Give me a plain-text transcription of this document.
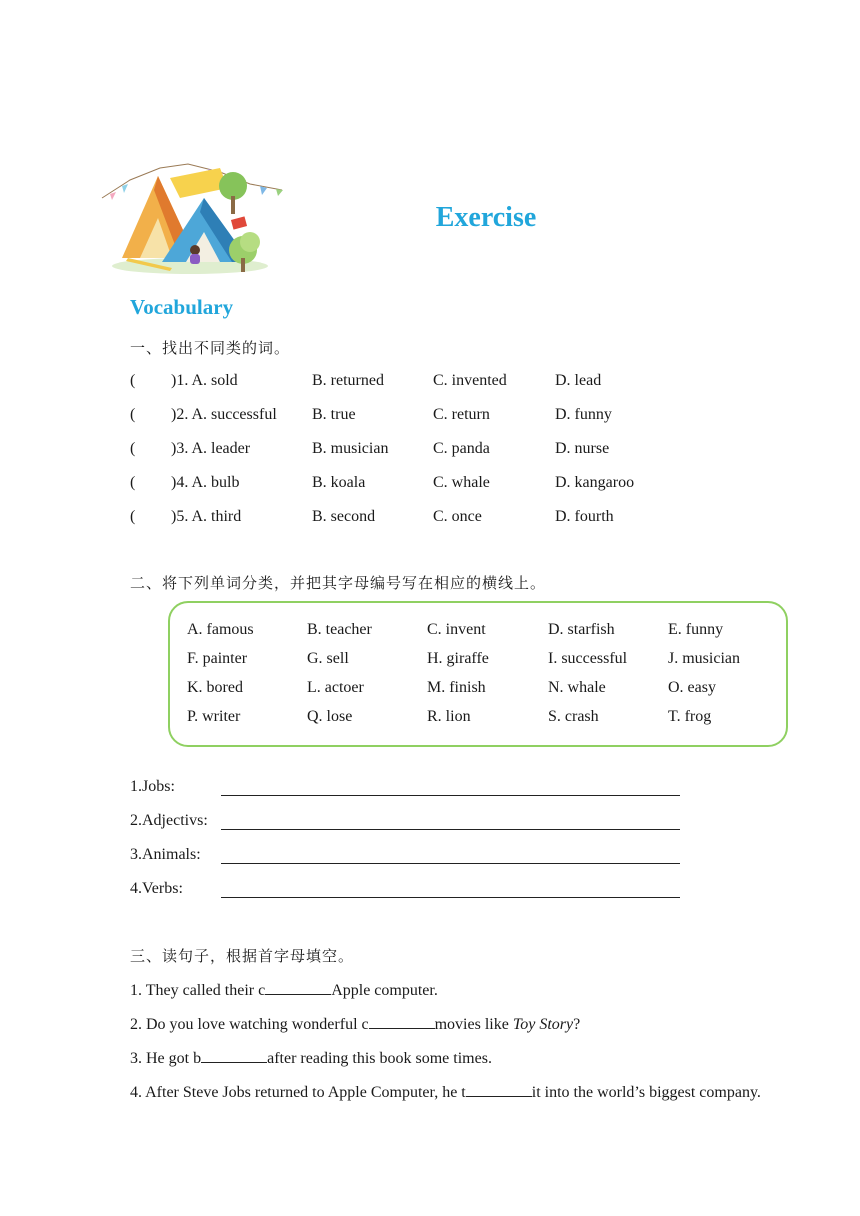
Exercise
Vocabulary
一、找出不同类的词。
( )1. A. sold	B. returned	C. invented	D. lead
( )2. A. successful B. true	C. return	D. funny
( )3. A. leader	B. musician	C. panda	D. nurse
( )4. A. bulb	B. koala	C. whale	D. kangaroo
( )5. A. third	B. second	C. once	D. fourth
二、将下列单词分类，并把其字母编号写在相应的横线上。
A. famous	B. teacher	C. invent	D. starfish	E. funny
F. painter	G. sell	H. giraffe	I. successful	J. musician
K. bored	L. actoer	M. finish	N. whale	O. easy
P. writer	Q. lose	R. lion	S. crash	T. frog
1.Jobs:
2.Adjectivs:
3.Animals:
4.Verbs:
三、读句子，根据首字母填空。
1. They called their c	Apple computer.
2. Do you love watching wonderful c	movies like Toy Story?
3. He got b	after reading this book some times.
4. After Steve Jobs returned to Apple Computer, he t	it into the world’s biggest company.
